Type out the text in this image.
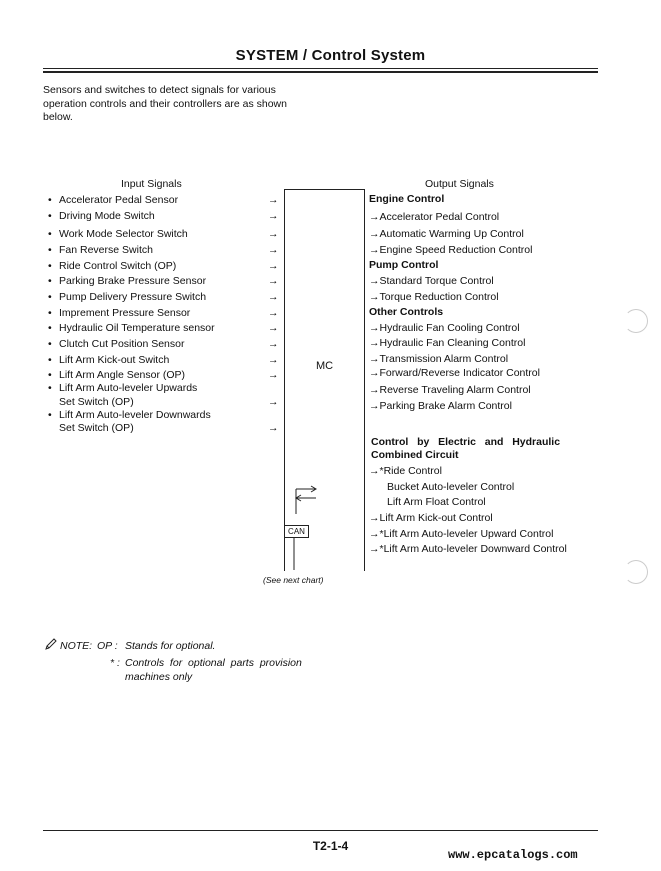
SYSTEM / Control System
Sensors and switches to detect signals for various operation controls and their controllers are as shown below.
Input Signals	Output Signals
• Accelerator Pedal Sensor
• Driving Mode Switch
• Work Mode Selector Switch
• Fan Reverse Switch
• Ride Control Switch (OP)
• Parking Brake Pressure Sensor
• Pump Delivery Pressure Switch
• Imprement Pressure Sensor
• Hydraulic Oil Temperature sensor
• Clutch Cut Position Sensor
• Lift Arm Kick-out Switch
• Lift Arm Angle Sensor (OP)
• Lift Arm Auto-leveler Upwards
Set Switch (OP)
• Lift Arm Auto-leveler Downwards
Set Switch (OP)
→
→
→
→
→
→
→
→
→
→
→
→
→
→
MC
CAN
(See next chart)
Engine Control
→Accelerator Pedal Control
→Automatic Warming Up Control
→Engine Speed Reduction Control
Pump Control
→Standard Torque Control
→Torque Reduction Control
Other Controls
→Hydraulic Fan Cooling Control
→Hydraulic Fan Cleaning Control
→Transmission Alarm Control
→Forward/Reverse Indicator Control
→Reverse Traveling Alarm Control
→Parking Brake Alarm Control
Control   by   Electric   and   Hydraulic
Combined Circuit
→*Ride Control
Bucket Auto-leveler Control
Lift Arm Float Control
→Lift Arm Kick-out Control
→*Lift Arm Auto-leveler Upward Control
→*Lift Arm Auto-leveler Downward Control
NOTE: OP : Stands for optional.
* : Controls  for  optional  parts  provision
machines only
T2-1-4
www.epcatalogs.com
